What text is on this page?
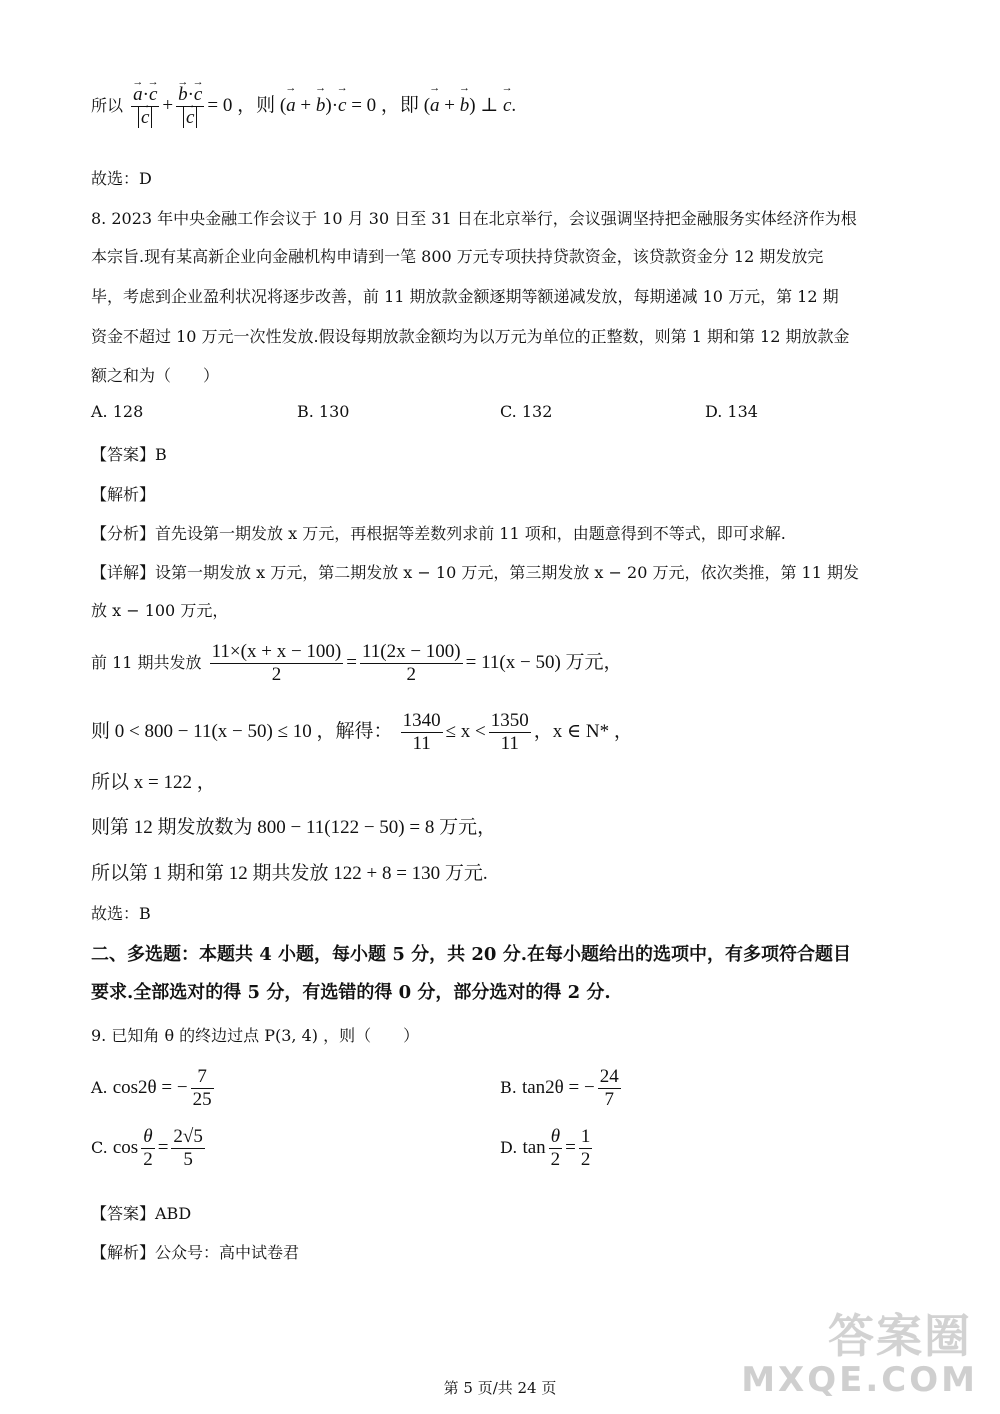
所以 → a·→ c
→ c + → b·→ c
→ c = 0 ，则 (→ a + → b)·→ c = 0 ，即 (→ a + → b) ⊥ → c.
故选：D
8. 2023 年中央金融工作会议于 10 月 30 日至 31 日在北京举行，会议强调坚持把金融服务实体经济作为根
本宗旨.现有某高新企业向金融机构申请到一笔 800 万元专项扶持贷款资金，该贷款资金分 12 期发放完
毕，考虑到企业盈利状况将逐步改善，前 11 期放款金额逐期等额递减发放，每期递减 10 万元，第 12 期
资金不超过 10 万元一次性发放.假设每期放款金额均为以万元为单位的正整数，则第 1 期和第 12 期放款金
额之和为（　　）
A. 128	B. 130	C. 132	D. 134
【答案】B
【解析】
【分析】首先设第一期发放 x 万元，再根据等差数列求前 11 项和，由题意得到不等式，即可求解.
【详解】设第一期发放 x 万元，第二期发放 x − 10 万元，第三期发放 x − 20 万元，依次类推，第 11 期发
放 x − 100 万元，
前 11 期共发放 $\frac{11\times(x + x - 100)}{2} = \frac{11(2x - 100)}{2} = 11(x - 50)$ 万元，
则 0 < 800 − 11(x − 50) ≤ 10 ，解得： $\frac{1340}{11} \le x < \frac{1350}{11}$ ，x ∈ N* ，
所以 x = 122 ，
则第 12 期发放数为 800 − 11(122 − 50) = 8 万元，
所以第 1 期和第 12 期共发放 122 + 8 = 130 万元.
故选：B
二、多选题：本题共 4 小题，每小题 5 分，共 20 分.在每小题给出的选项中，有多项符合题目
要求.全部选对的得 5 分，有选错的得 0 分，部分选对的得 2 分.
9. 已知角 θ 的终边过点 P(3, 4) ，则（　　）
A. cos2θ = − $\frac{7}{25}$	B. tan2θ = − $\frac{24}{7}$
C. $\cos \frac{\theta}{2} = \frac{2√5}{5}$	D. $\tan \frac{\theta}{2} = \frac{1}{2}$
【答案】ABD
【解析】公众号：高中试卷君
第 5 页/共 24 页
答案圈
MXQE.COM
